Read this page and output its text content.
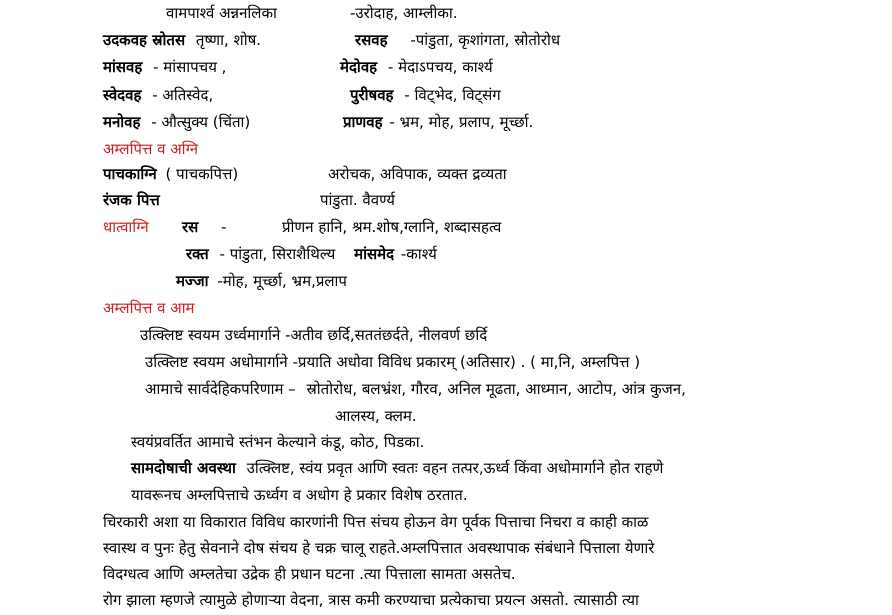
वामपार्श्व अन्ननलिका	-उरोदाह, आम्लीका.
उदकवह स्रोतस तृष्णा, शोष.	रसवह -पांडुता, कृशांगता, स्रोतोरोध
मांसवह - मांसापचय ,	मेदोवह - मेदाऽपचय, कार्श्य
स्वेदवह - अतिस्वेद,	पुरीषवह - विट्भेद, विट्संग
मनोवह - औत्सुक्य (चिंता)	प्राणवह - भ्रम, मोह, प्रलाप, मूर्च्छा.
अम्लपित्त व अग्नि
पाचकाग्नि ( पाचकपित्त)	अरोचक, अविपाक, व्यक्त द्रव्यता
रंजक पित्त	पांडुता. वैवर्ण्य
धात्वाग्नि रस -	प्रीणन हानि, श्रम.शोष,ग्लानि, शब्दासहत्व
रक्त - पांडुता, सिराशैथिल्य मांसमेद -कार्श्य
मज्जा -मोह, मूर्च्छा, भ्रम,प्रलाप
अम्लपित्त व आम
उत्क्लिष्ट स्वयम उर्ध्वमार्गाने -अतीव छर्दि,सततंछर्दते, नीलवर्ण छर्दि
उत्क्लिष्ट स्वयम अधोमार्गाने -प्रयाति अधोवा विविध प्रकारम् (अतिसार) . ( मा,नि, अम्लपित्त )
आमाचे सार्वदेहिकपरिणाम – स्रोतोरोध, बलभ्रंश, गौरव, अनिल मूढता, आध्मान, आटोप, आंत्र कुजन,
आलस्य, क्लम.
स्वयंप्रवर्तित आमाचे स्तंभन केल्याने कंडू, कोठ, पिडका.
सामदोषाची अवस्था उत्क्लिष्ट, स्वंय प्रवृत आणि स्वतः वहन तत्पर,ऊर्ध्व किंवा अधोमार्गाने होत राहणे
यावरूनच अम्लपित्ताचे ऊर्ध्वग व अधोग हे प्रकार विशेष ठरतात.
चिरकारी अशा या विकारात विविध कारणांनी पित्त संचय होऊन वेग पूर्वक पित्ताचा निचरा व काही काळ
स्वास्थ व पुनः हेतु सेवनाने दोष संचय हे चक्र चालू राहते.अम्लपित्तात अवस्थापाक संबंधाने पित्ताला येणारे
विदग्धत्व आणि अम्लतेचा उद्रेक ही प्रधान घटना .त्या पित्ताला सामता असतेच.
रोग झाला म्हणजे त्यामुळे होणाऱ्या वेदना, त्रास कमी करण्याचा प्रत्येकाचा प्रयत्न असतो. त्यासाठी त्या
